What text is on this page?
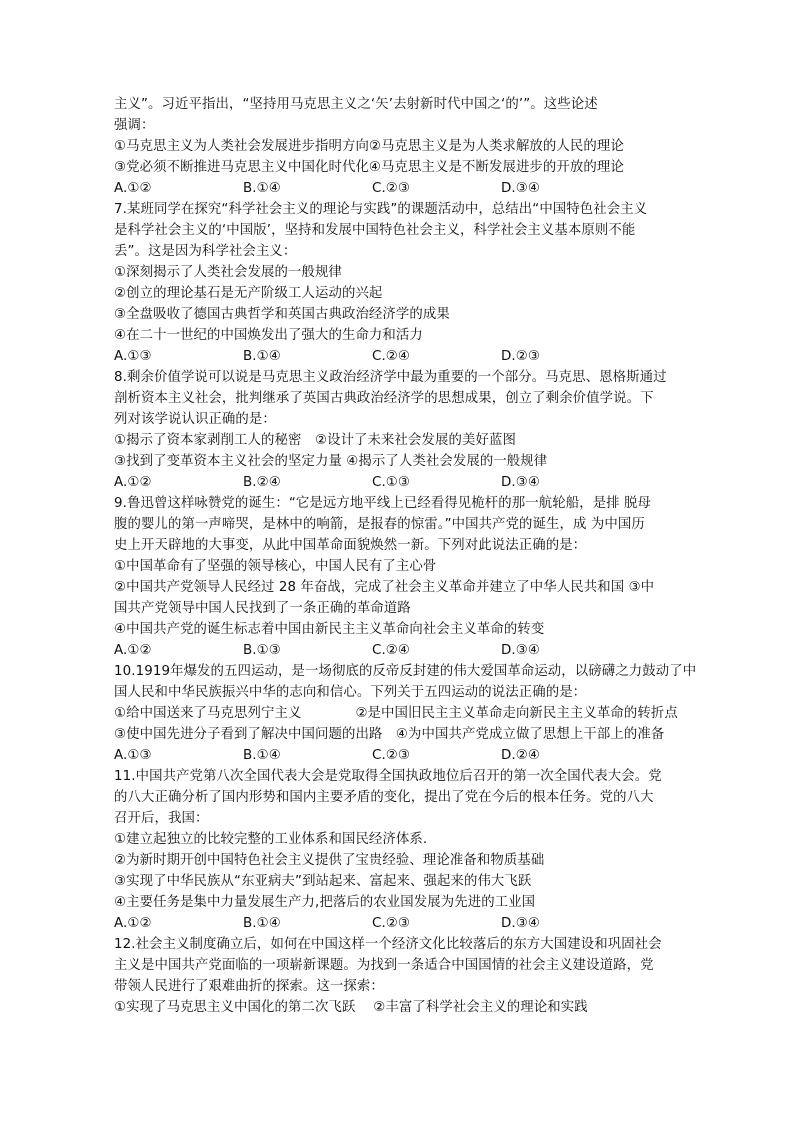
主义”。习近平指出，“坚持用马克思主义之‘矢’去射新时代中国之‘的’”。这些论述
强调：
①马克思主义为人类社会发展进步指明方向②马克思主义是为人类求解放的人民的理论
③党必须不断推进马克思主义中国化时代化④马克思主义是不断发展进步的开放的理论
A.①②	B.①④	C.②③	D.③④
7.某班同学在探究“科学社会主义的理论与实践”的课题活动中，总结出“中国特色社会主义
是科学社会主义的‘中国版’，坚持和发展中国特色社会主义，科学社会主义基本原则不能
丢”。这是因为科学社会主义：
①深刻揭示了人类社会发展的一般规律
②创立的理论基石是无产阶级工人运动的兴起
③全盘吸收了德国古典哲学和英国古典政治经济学的成果
④在二十一世纪的中国焕发出了强大的生命力和活力
A.①③	B.①④	C.②④	D.②③
8.剩余价值学说可以说是马克思主义政治经济学中最为重要的一个部分。马克思、恩格斯通过
剖析资本主义社会，批判继承了英国古典政治经济学的思想成果，创立了剩余价值学说。下
列对该学说认识正确的是：
①揭示了资本家剥削工人的秘密　②设计了未来社会发展的美好蓝图
③找到了变革资本主义社会的坚定力量 ④揭示了人类社会发展的一般规律
A.①②	B.②④	C.①③	D.③④
9.鲁迅曾这样咏赞党的诞生：“它是远方地平线上已经看得见桅杆的那一航轮船，是排 脱母
腹的婴儿的第一声啼哭，是林中的响箭，是报春的惊雷。”中国共产党的诞生，成 为中国历
史上开天辟地的大事变，从此中国革命面貌焕然一新。下列对此说法正确的是：
①中国革命有了坚强的领导核心，中国人民有了主心骨
②中国共产党领导人民经过 28 年奋战，完成了社会主义革命并建立了中华人民共和国 ③中
国共产党领导中国人民找到了一条正确的革命道路
④中国共产党的诞生标志着中国由新民主主义革命向社会主义革命的转变
A.①②	B.①③	C.②④	D.③④
10.1919年爆发的五四运动，是一场彻底的反帝反封建的伟大爱国革命运动，以磅礴之力鼓动了中
国人民和中华民族振兴中华的志向和信心。下列关于五四运动的说法正确的是：
①给中国送来了马克思列宁主义　　　　②是中国旧民主主义革命走向新民主主义革命的转折点
③使中国先进分子看到了解决中国问题的出路　④为中国共产党成立做了思想上干部上的准备
A.①③	B.①④	C.②③	D.②④
11.中国共产党第八次全国代表大会是党取得全国执政地位后召开的第一次全国代表大会。党
的八大正确分析了国内形势和国内主要矛盾的变化，提出了党在今后的根本任务。党的八大
召开后，我国：
①建立起独立的比较完整的工业体系和国民经济体系.
②为新时期开创中国特色社会主义提供了宝贵经验、理论准备和物质基础
③实现了中华民族从“东亚病夫”到站起来、富起来、强起来的伟大飞跃
④主要任务是集中力量发展生产力,把落后的农业国发展为先进的工业国
A.①②	B.①④	C.②③	D.③④
12.社会主义制度确立后，如何在中国这样一个经济文化比较落后的东方大国建设和巩固社会
主义是中国共产党面临的一项崭新课题。为找到一条适合中国国情的社会主义建设道路，党
带领人民进行了艰难曲折的探索。这一探索：
①实现了马克思主义中国化的第二次飞跃　 ②丰富了科学社会主义的理论和实践
